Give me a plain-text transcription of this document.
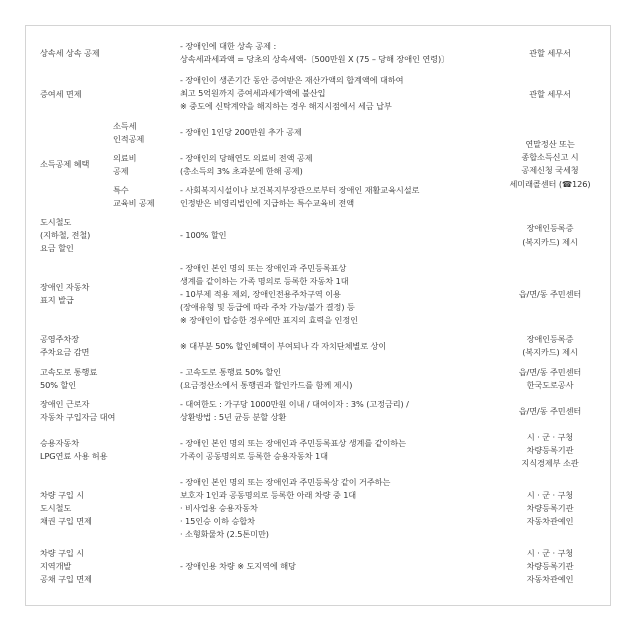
상속세 상속 공제
- 장애인에 대한 상속 공제 :
상속세과세과액 = 당초의 상속세액-〔500만원 X (75 – 당해 장애인 연령)〕
관할 세무서
증여세 면제
- 장애인이 생존기간 동안 증여받은 재산가액의 합계액에 대하여
최고 5억원까지 증여세과세가액에 불산입
※ 중도에 신탁계약을 해지하는 경우 해지시점에서 세금 납부
관할 세무서
소득공제 혜택
소득세
인적공제
- 장애인 1인당 200만원 추가 공제
의료비
공제
- 장애인의 당해연도 의료비 전액 공제
(총소득의 3% 초과분에 한해 공제)
특수
교육비 공제
- 사회복지시설이나 보건복지부장관으로부터 장애인 재활교육시설로
인정받은 비영리법인에 지급하는 특수교육비 전액
연말정산 또는
종합소득신고 시
공제신청 국세청
세미래콜센터 (☎126)
도시철도
(지하철, 전철)
요금 할인
- 100% 할인
장애인등록증
(복지카드) 제시
장애인 자동차
표지 발급
- 장애인 본인 명의 또는 장애인과 주민등록표상
생계를 같이하는 가족 명의로 등록한 자동차 1대
- 10부제 적용 제외, 장애인전용주차구역 이용
(장애유형 및 등급에 따라 주차 가능/불가 결정) 등
※ 장애인이 탑승한 경우에만 표지의 효력을 인정인
읍/면/동 주민센터
공영주차장
주차요금 감면
※ 대부분 50% 할인혜택이 부여되나 각 자치단체별로 상이
장애인등록증
(복지카드) 제시
고속도로 통행료
50% 할인
- 고속도로 통행료 50% 할인
(요금정산소에서 통행권과 할인카드를 함께 제시)
읍/면/동 주민센터
한국도로공사
장애인 근로자
자동차 구입자금 대여
- 대여한도 : 가구당 1000만원 이내 / 대여이자 : 3% (고정금리) /
상환방법 : 5년 균등 분할 상환
읍/면/동 주민센터
승용자동차
LPG연료 사용 허용
- 장애인 본인 명의 또는 장애인과 주민등록표상 생계를 같이하는
가족이 공동명의로 등록한 승용자동차 1대
시 · 군 · 구청
차량등록기관
지식경제부 소관
차량 구입 시
도시철도
채권 구입 면제
- 장애인 본인 명의 또는 장애인과 주민등록상 같이 거주하는
보호자 1인과 공동명의로 등록한 아래 차량 중 1대
· 비사업용 승용자동차
· 15인승 이하 승합차
· 소형화물차 (2.5톤미만)
시 · 군 · 구청
차량등록기관
자동차관예인
차량 구입 시
지역개발
공채 구입 면제
- 장애인용 차량 ※ 도지역에 해당
시 · 군 · 구청
차량등록기관
자동차관예인
